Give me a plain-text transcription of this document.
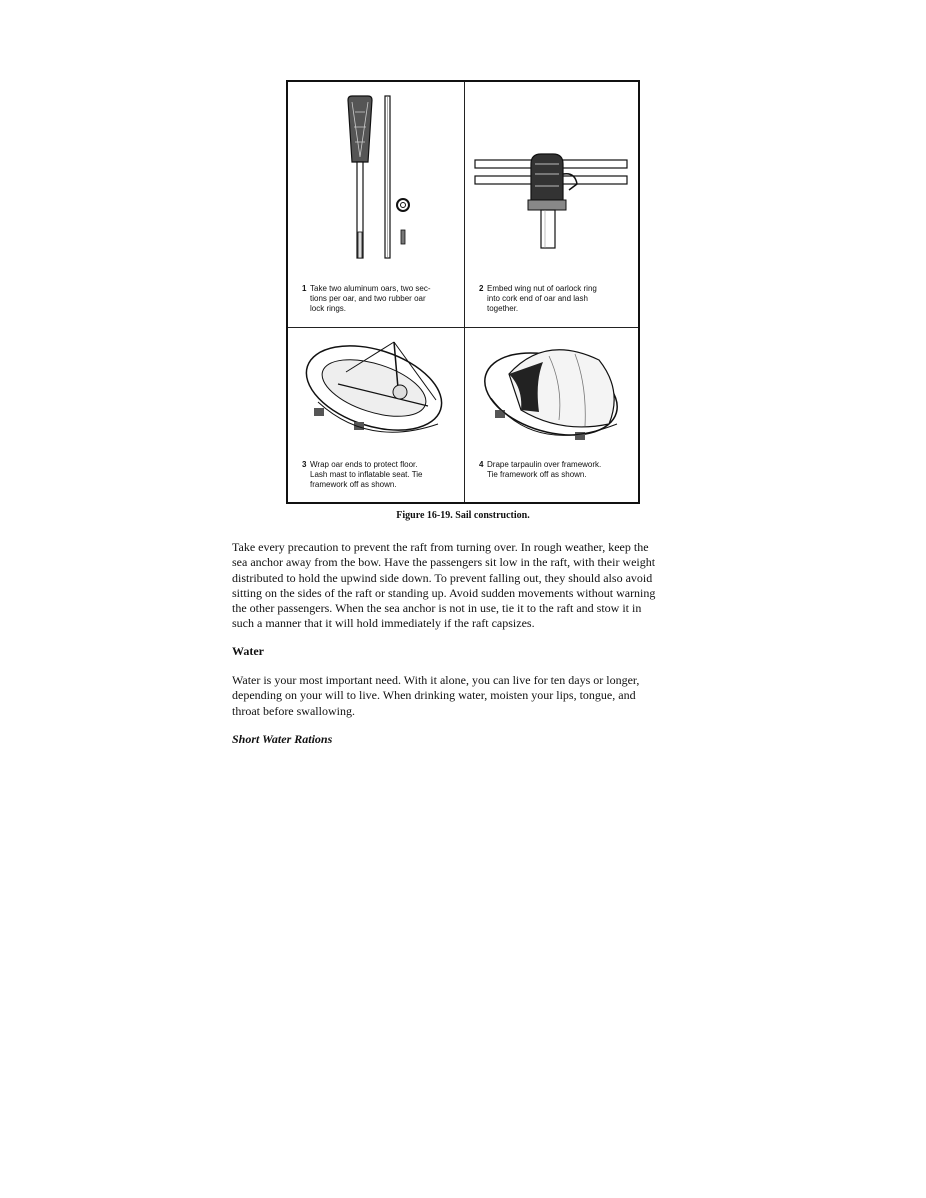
1 Take two aluminum oars, two sec-
tions per oar, and two rubber oar
lock rings.
2 Embed wing nut of oarlock ring
into cork end of oar and lash
together.
3 Wrap oar ends to protect floor.
Lash mast to inflatable seat. Tie
framework off as shown.
4 Drape tarpaulin over framework.
Tie framework off as shown.
Figure 16-19. Sail construction.
Take every precaution to prevent the raft from turning over. In rough weather, keep the
sea anchor away from the bow. Have the passengers sit low in the raft, with their weight
distributed to hold the upwind side down. To prevent falling out, they should also avoid
sitting on the sides of the raft or standing up. Avoid sudden movements without warning
the other passengers. When the sea anchor is not in use, tie it to the raft and stow it in
such a manner that it will hold immediately if the raft capsizes.
Water
Water is your most important need. With it alone, you can live for ten days or longer,
depending on your will to live. When drinking water, moisten your lips, tongue, and
throat before swallowing.
Short Water Rations
